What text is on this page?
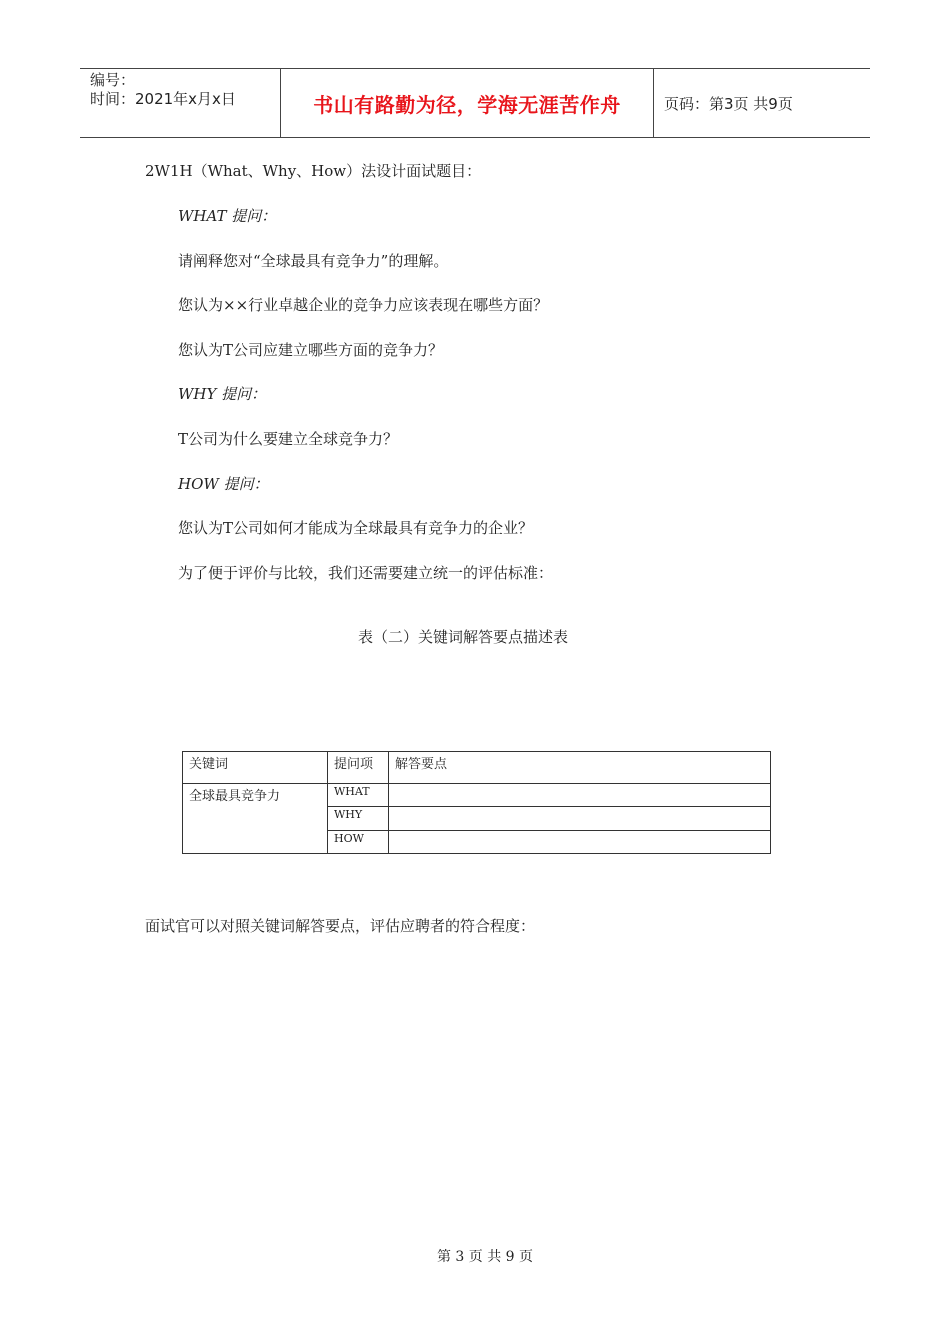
编号：
时间：2021年x月x日	书山有路勤为径，学海无涯苦作舟	页码：第3页 共9页
2W1H（What、Why、How）法设计面试题目：
WHAT 提问：
请阐释您对“全球最具有竞争力”的理解。
您认为××行业卓越企业的竞争力应该表现在哪些方面？
您认为T公司应建立哪些方面的竞争力？
WHY 提问：
T公司为什么要建立全球竞争力？
HOW 提问：
您认为T公司如何才能成为全球最具有竞争力的企业？
为了便于评价与比较，我们还需要建立统一的评估标准：
表（二）关键词解答要点描述表
关键词	提问项	解答要点
全球最具竞争力	WHAT	
	WHY	
	HOW	
面试官可以对照关键词解答要点，评估应聘者的符合程度：
第 3 页 共 9 页
